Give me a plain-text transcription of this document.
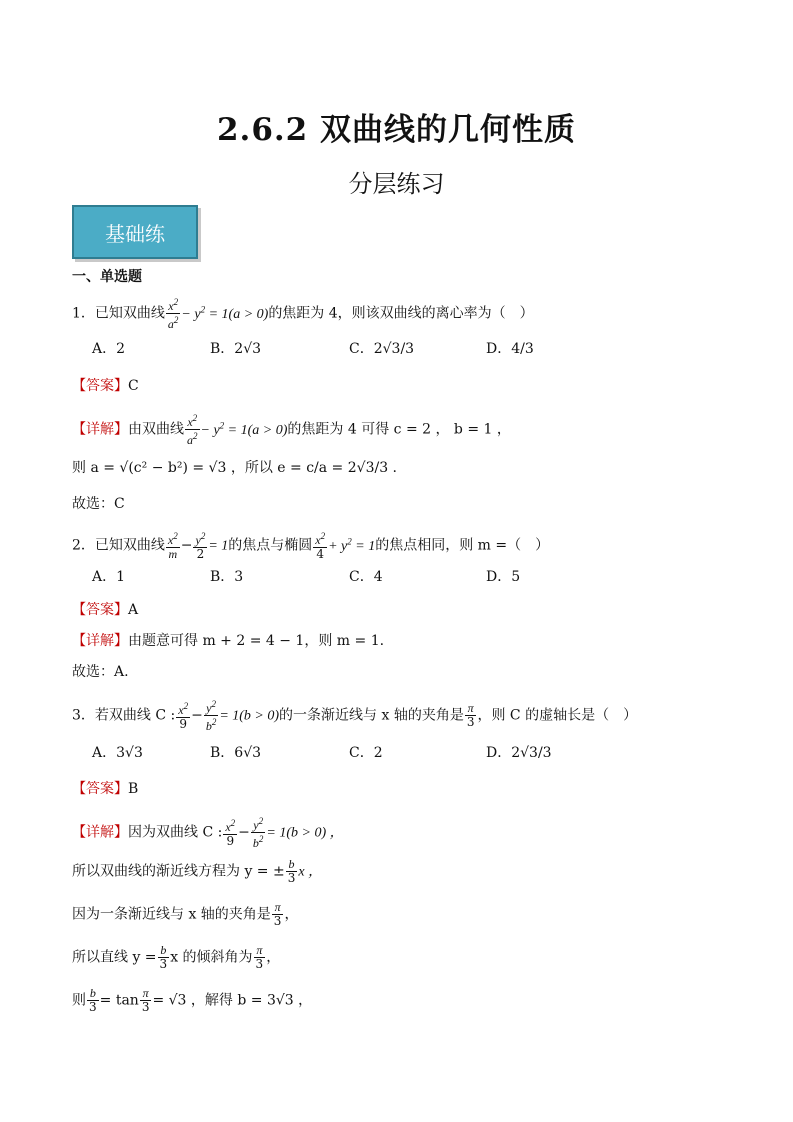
2.6.2 双曲线的几何性质
分层练习
基础练
一、单选题
1．已知双曲线 $\frac{x^2}{a^2} - y^2 = 1(a > 0)$的焦距为 4，则该双曲线的离心率为（　）
A．2	B．2√3	C．2√3/3	D．4/3
【答案】C
【详解】由双曲线 $\frac{x^2}{a^2} - y^2 = 1(a > 0)$的焦距为 4 可得 c = 2 ， b = 1 ，
则 a = √(c² − b²) = √3 ，所以 e = c/a = 2√3/3 .
故选：C
2．已知双曲线 $\frac{x^2}{m} - \frac{y^2}{2} = 1$的焦点与椭圆 $\frac{x^2}{4} + y^2 = 1$的焦点相同，则 m =（　）
A．1	B．3	C．4	D．5
【答案】A
【详解】由题意可得 m + 2 = 4 − 1，则 m = 1.
故选：A.
3．若双曲线 C : $\frac{x^2}{9} - \frac{y^2}{b^2} = 1(b > 0)$的一条渐近线与 x 轴的夹角是 $\frac{\pi}{3}$ ，则 C 的虚轴长是（　）
A．3√3	B．6√3	C．2	D．2√3/3
【答案】B
【详解】因为双曲线 C : $\frac{x^2}{9} - \frac{y^2}{b^2} = 1(b > 0)$ ，
所以双曲线的渐近线方程为 y = ± $\frac{b}{3}$ x ，
因为一条渐近线与 x 轴的夹角是 $\frac{\pi}{3}$ ，
所以直线 $y = \frac{b}{3}$ x 的倾斜角为 $\frac{\pi}{3}$ ，
则 $\frac{b}{3} = \tan \frac{\pi}{3} = √3$ ，解得 b = 3√3 ，
